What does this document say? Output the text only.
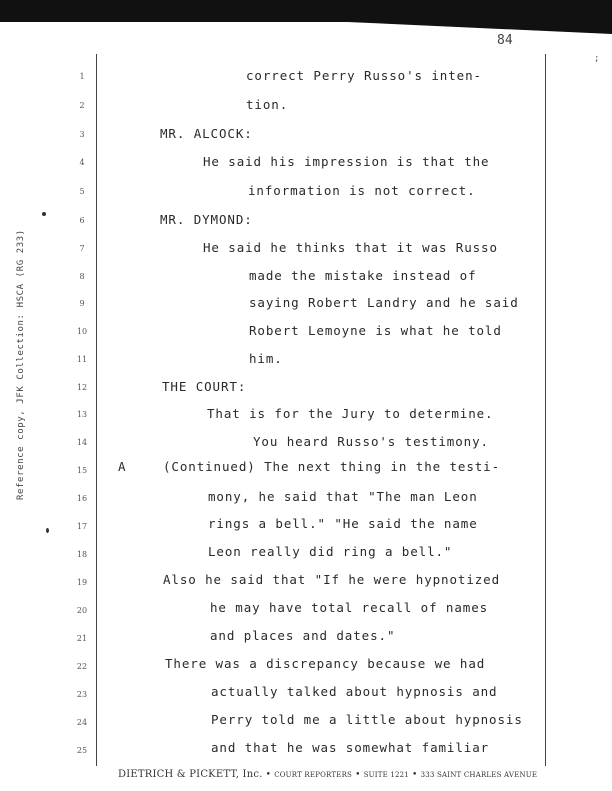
84
Reference copy, JFK Collection: HSCA (RG 233)
;
A
1	correct Perry Russo's inten-
2	tion.
3	MR. ALCOCK:
4	He said his impression is that the
5	information is not correct.
6	MR. DYMOND:
7	He said he thinks that it was Russo
8	made the mistake instead of
9	saying Robert Landry and he said
10	Robert Lemoyne is what he told
11	him.
12	THE COURT:
13	That is for the Jury to determine.
14	You heard Russo's testimony.
15	(Continued) The next thing in the testi-
16	mony, he said that "The man Leon
17	rings a bell." "He said the name
18	Leon really did ring a bell."
19	Also he said that "If he were hypnotized
20	he may have total recall of names
21	and places and dates."
22	There was a discrepancy because we had
23	actually talked about hypnosis and
24	Perry told me a little about hypnosis
25	and that he was somewhat familiar
DIETRICH & PICKETT, Inc. • COURT REPORTERS • SUITE 1221 • 333 SAINT CHARLES AVENUE
